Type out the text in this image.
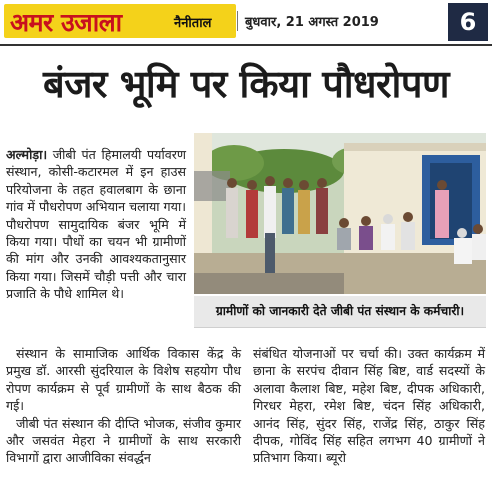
अमर उजाला	नैनीताल	बुधवार, 21 अगस्त 2019	6
बंजर भूमि पर किया पौधरोपण
अल्मोड़ा। जीबी पंत हिमालयी पर्यावरण संस्थान, कोसी-कटारमल में इन हाउस परियोजना के तहत हवालबाग के छाना गांव में पौधरोपण अभियान चलाया गया। पौधरोपण सामुदायिक बंजर भूमि में किया गया। पौधों का चयन भी ग्रामीणों की मांग और उनकी आवश्यकतानुसार किया गया। जिसमें चौड़ी पत्ती और चारा प्रजाति के पौधे शामिल थे।
ग्रामीणों को जानकारी देते जीबी पंत संस्थान के कर्मचारी।

संस्थान के सामाजिक आर्थिक विकास केंद्र के प्रमुख डॉ. आरसी सुंदरियाल के विशेष सहयोग पौध रोपण कार्यक्रम से पूर्व ग्रामीणों के साथ बैठक की गई।

जीबी पंत संस्थान की दीप्ति भोजक, संजीव कुमार और जसवंत मेहरा ने ग्रामीणों के साथ सरकारी विभागों द्वारा आजीविका संवर्द्धन

संबंधित योजनाओं पर चर्चा की। उक्त कार्यक्रम में छाना के सरपंच दीवान सिंह बिष्ट, वार्ड सदस्यों के अलावा कैलाश बिष्ट, महेश बिष्ट, दीपक अधिकारी, गिरधर मेहरा, रमेश बिष्ट, चंदन सिंह अधिकारी, आनंद सिंह, सुंदर सिंह, राजेंद्र सिंह, ठाकुर सिंह दीपक, गोविंद सिंह सहित लगभग 40 ग्रामीणों ने प्रतिभाग किया। ब्यूरो
